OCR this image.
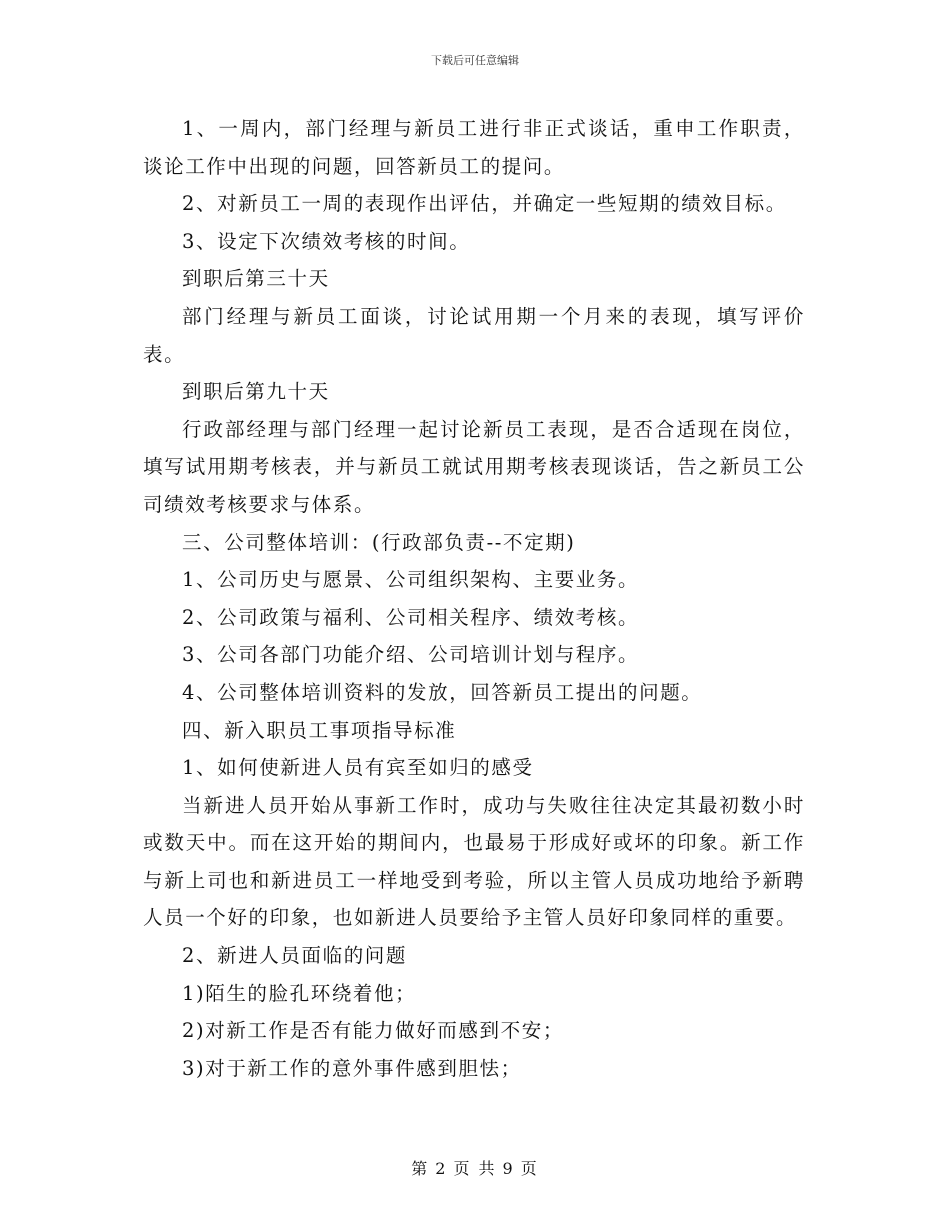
下载后可任意编辑

1、一周内，部门经理与新员工进行非正式谈话，重申工作职责，谈论工作中出现的问题，回答新员工的提问。

2、对新员工一周的表现作出评估，并确定一些短期的绩效目标。

3、设定下次绩效考核的时间。

到职后第三十天

部门经理与新员工面谈，讨论试用期一个月来的表现，填写评价表。

到职后第九十天

行政部经理与部门经理一起讨论新员工表现，是否合适现在岗位，填写试用期考核表，并与新员工就试用期考核表现谈话，告之新员工公司绩效考核要求与体系。

三、公司整体培训：(行政部负责--不定期)

1、公司历史与愿景、公司组织架构、主要业务。

2、公司政策与福利、公司相关程序、绩效考核。

3、公司各部门功能介绍、公司培训计划与程序。

4、公司整体培训资料的发放，回答新员工提出的问题。

四、新入职员工事项指导标准

1、如何使新进人员有宾至如归的感受

当新进人员开始从事新工作时，成功与失败往往决定其最初数小时或数天中。而在这开始的期间内，也最易于形成好或坏的印象。新工作与新上司也和新进员工一样地受到考验，所以主管人员成功地给予新聘人员一个好的印象，也如新进人员要给予主管人员好印象同样的重要。

2、新进人员面临的问题

1)陌生的脸孔环绕着他；

2)对新工作是否有能力做好而感到不安；

3)对于新工作的意外事件感到胆怯；

第 2 页 共 9 页
